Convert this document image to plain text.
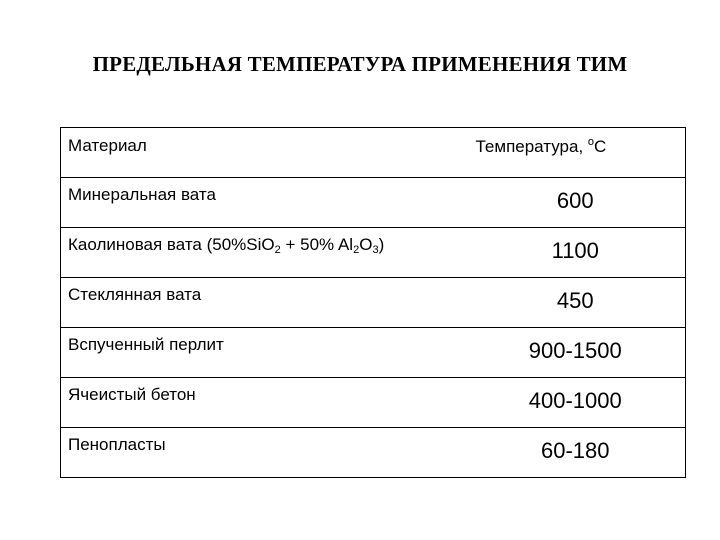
ПРЕДЕЛЬНАЯ ТЕМПЕРАТУРА ПРИМЕНЕНИЯ ТИМ
Материал	Температура, $^o$С
Минеральная вата	600
Каолиновая вата (50%SiO$_2$ + 50% $Al_2O_3$)	1100
Стеклянная вата	450
Вспученный перлит	900-1500
Ячеистый бетон	400-1000
Пенопласты	60-180
